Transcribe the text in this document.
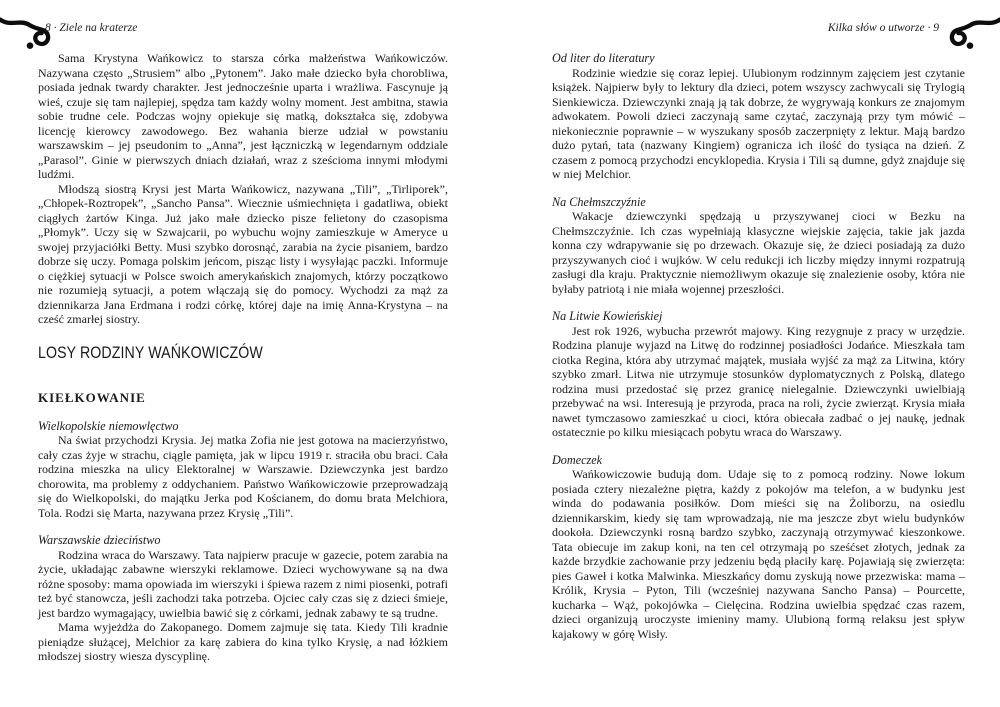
8 · Ziele na kraterze

Sama Krystyna Wańkowicz to starsza córka małżeństwa Wańkowiczów. Nazywana często „Strusiem” albo „Pytonem”. Jako małe dziecko była chorobliwa, posiada jednak twardy charakter. Jest jednocześnie uparta i wrażliwa. Fascynuje ją wieś, czuje się tam najlepiej, spędza tam każdy wolny moment. Jest ambitna, stawia sobie trudne cele. Podczas wojny opiekuje się matką, dokształca się, zdobywa licencję kierowcy zawodowego. Bez wahania bierze udział w powstaniu warszawskim – jej pseudonim to „Anna”, jest łączniczką w legendarnym oddziale „Parasol”. Ginie w pierwszych dniach działań, wraz z sześcioma innymi młodymi ludźmi.

Młodszą siostrą Krysi jest Marta Wańkowicz, nazywana „Tili”, „Tirliporek”, „Chłopek-Roztropek”, „Sancho Pansa”. Wiecznie uśmiechnięta i gadatliwa, obiekt ciągłych żartów Kinga. Już jako małe dziecko pisze felietony do czasopisma „Płomyk”. Uczy się w Szwajcarii, po wybuchu wojny zamieszkuje w Ameryce u swojej przyjaciółki Betty. Musi szybko dorosnąć, zarabia na życie pisaniem, bardzo dobrze się uczy. Pomaga polskim jeńcom, pisząc listy i wysyłając paczki. Informuje o ciężkiej sytuacji w Polsce swoich amerykańskich znajomych, którzy początkowo nie rozumieją sytuacji, a potem włączają się do pomocy. Wychodzi za mąż za dziennikarza Jana Erdmana i rodzi córkę, której daje na imię Anna-Krystyna – na cześć zmarłej siostry.

LOSY RODZINY WAŃKOWICZÓW
KIEŁKOWANIE
Wielkopolskie niemowlęctwo

Na świat przychodzi Krysia. Jej matka Zofia nie jest gotowa na macierzyństwo, cały czas żyje w strachu, ciągle pamięta, jak w lipcu 1919 r. straciła obu braci. Cała rodzina mieszka na ulicy Elektoralnej w Warszawie. Dziewczynka jest bardzo chorowita, ma problemy z oddychaniem. Państwo Wańkowiczowie przeprowadzają się do Wielkopolski, do majątku Jerka pod Kościanem, do domu brata Melchiora, Tola. Rodzi się Marta, nazywana przez Krysię „Tili”.

Warszawskie dzieciństwo

Rodzina wraca do Warszawy. Tata najpierw pracuje w gazecie, potem zarabia na życie, układając zabawne wierszyki reklamowe. Dzieci wychowywane są na dwa różne sposoby: mama opowiada im wierszyki i śpiewa razem z nimi piosenki, potrafi też być stanowcza, jeśli zachodzi taka potrzeba. Ojciec cały czas się z dzieci śmieje, jest bardzo wymagający, uwielbia bawić się z córkami, jednak zabawy te są trudne.

Mama wyjeżdża do Zakopanego. Domem zajmuje się tata. Kiedy Tili kradnie pieniądze służącej, Melchior za karę zabiera do kina tylko Krysię, a nad łóżkiem młodszej siostry wiesza dyscyplinę.

Kilka słów o utworze · 9
Od liter do literatury

Rodzinie wiedzie się coraz lepiej. Ulubionym rodzinnym zajęciem jest czytanie książek. Najpierw były to lektury dla dzieci, potem wszyscy zachwycali się Trylogią Sienkiewicza. Dziewczynki znają ją tak dobrze, że wygrywają konkurs ze znajomym adwokatem. Powoli dzieci zaczynają same czytać, zaczynają przy tym mówić – niekoniecznie poprawnie – w wyszukany sposób zaczerpnięty z lektur. Mają bardzo dużo pytań, tata (nazwany Kingiem) ogranicza ich ilość do tysiąca na dzień. Z czasem z pomocą przychodzi encyklopedia. Krysia i Tili są dumne, gdyż znajduje się w niej Melchior.

Na Chełmszczyźnie

Wakacje dziewczynki spędzają u przyszywanej cioci w Bezku na Chełmszczyźnie. Ich czas wypełniają klasyczne wiejskie zajęcia, takie jak jazda konna czy wdrapywanie się po drzewach. Okazuje się, że dzieci posiadają za dużo przyszywanych cioć i wujków. W celu redukcji ich liczby między innymi rozpatrują zasługi dla kraju. Praktycznie niemożliwym okazuje się znalezienie osoby, która nie byłaby patriotą i nie miała wojennej przeszłości.

Na Litwie Kowieńskiej

Jest rok 1926, wybucha przewrót majowy. King rezygnuje z pracy w urzędzie. Rodzina planuje wyjazd na Litwę do rodzinnej posiadłości Jodańce. Mieszkała tam ciotka Regina, która aby utrzymać majątek, musiała wyjść za mąż za Litwina, który szybko zmarł. Litwa nie utrzymuje stosunków dyplomatycznych z Polską, dlatego rodzina musi przedostać się przez granicę nielegalnie. Dziewczynki uwielbiają przebywać na wsi. Interesują je przyroda, praca na roli, życie zwierząt. Krysia miała nawet tymczasowo zamieszkać u cioci, która obiecała zadbać o jej naukę, jednak ostatecznie po kilku miesiącach pobytu wraca do Warszawy.

Domeczek

Wańkowiczowie budują dom. Udaje się to z pomocą rodziny. Nowe lokum posiada cztery niezależne piętra, każdy z pokojów ma telefon, a w budynku jest winda do podawania posiłków. Dom mieści się na Żoliborzu, na osiedlu dziennikarskim, kiedy się tam wprowadzają, nie ma jeszcze zbyt wielu budynków dookoła. Dziewczynki rosną bardzo szybko, zaczynają otrzymywać kieszonkowe. Tata obiecuje im zakup koni, na ten cel otrzymają po sześćset złotych, jednak za każde brzydkie zachowanie przy jedzeniu będą płaciły karę. Pojawiają się zwierzęta: pies Gaweł i kotka Malwinka. Mieszkańcy domu zyskują nowe przezwiska: mama – Królik, Krysia – Pyton, Tili (wcześniej nazywana Sancho Pansa) – Pourcette, kucharka – Wąż, pokojówka – Cielęcina. Rodzina uwielbia spędzać czas razem, dzieci organizują uroczyste imieniny mamy. Ulubioną formą relaksu jest spływ kajakowy w górę Wisły.
